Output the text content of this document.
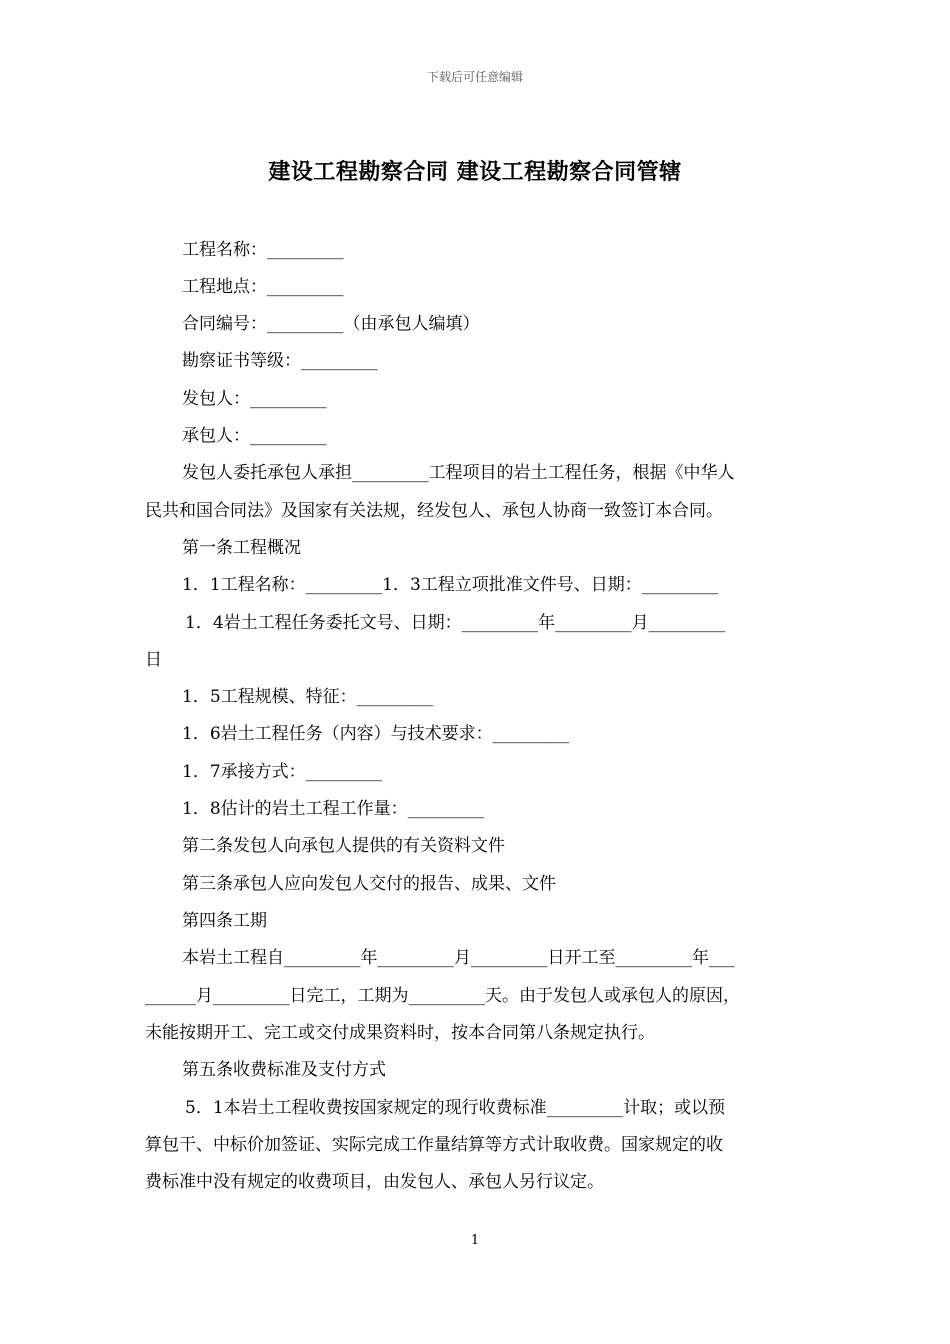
下载后可任意编辑
建设工程勘察合同 建设工程勘察合同管辖
工程名称：_________
工程地点：_________
合同编号：_________（由承包人编填）
勘察证书等级：_________
发包人：_________
承包人：_________
发包人委托承包人承担_________工程项目的岩土工程任务，根据《中华人
民共和国合同法》及国家有关法规，经发包人、承包人协商一致签订本合同。
第一条工程概况
1．1工程名称：_________1．3工程立项批准文件号、日期：_________
1．4岩土工程任务委托文号、日期：_________年_________月_________
日
1．5工程规模、特征：_________
1．6岩土工程任务（内容）与技术要求：_________
1．7承接方式：_________
1．8估计的岩土工程工作量：_________
第二条发包人向承包人提供的有关资料文件
第三条承包人应向发包人交付的报告、成果、文件
第四条工期
本岩土工程自_________年_________月_________日开工至_________年___
______月_________日完工，工期为_________天。由于发包人或承包人的原因，
未能按期开工、完工或交付成果资料时，按本合同第八条规定执行。
第五条收费标准及支付方式
5．1本岩土工程收费按国家规定的现行收费标准_________计取；或以预
算包干、中标价加签证、实际完成工作量结算等方式计取收费。国家规定的收
费标准中没有规定的收费项目，由发包人、承包人另行议定。
1
